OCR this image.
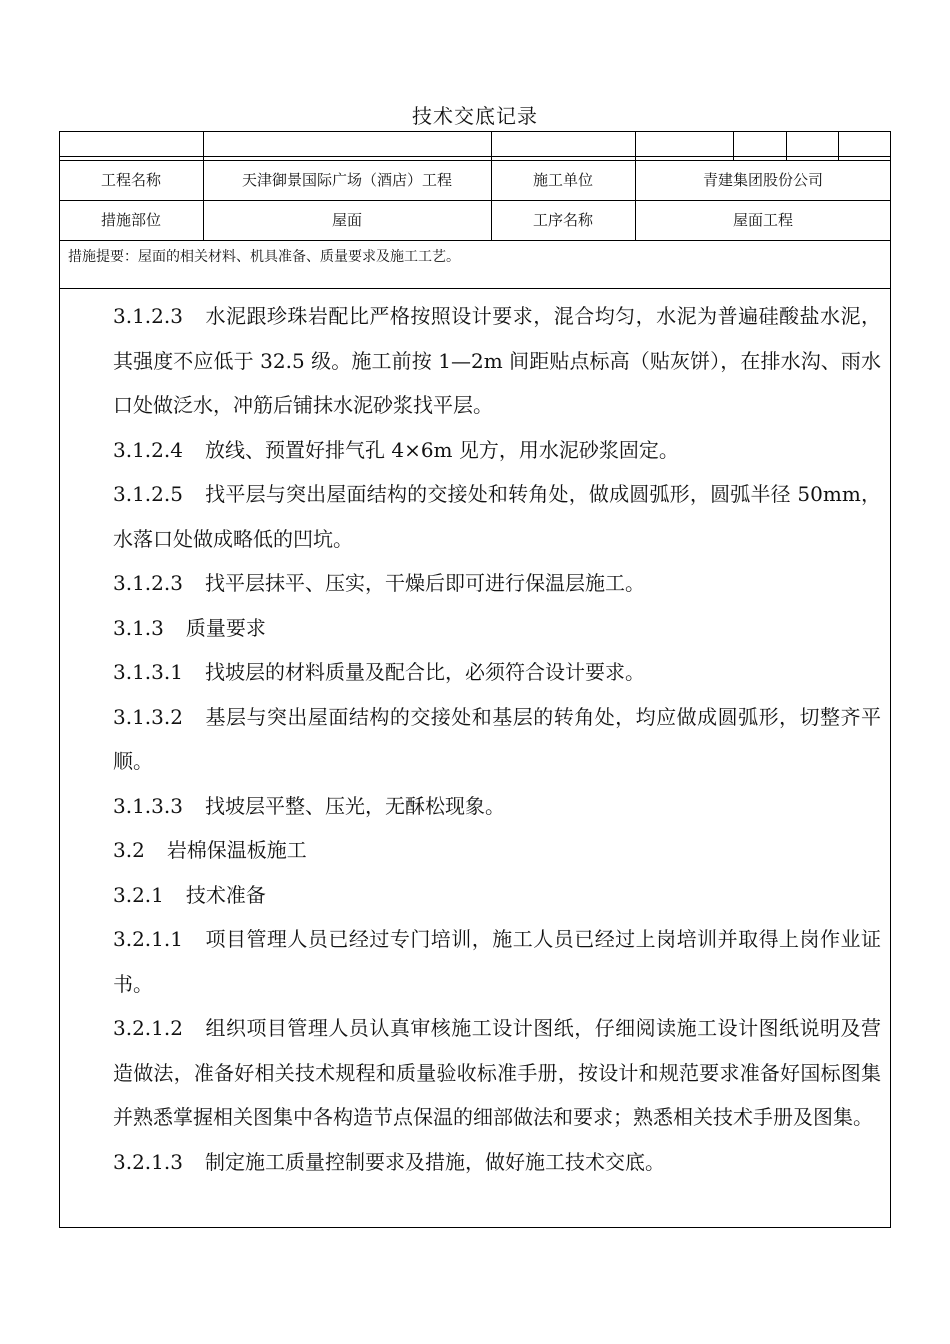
技术交底记录
工程名称	天津御景国际广场（酒店）工程	施工单位	青建集团股份公司
措施部位	屋面	工序名称	屋面工程
措施提要：屋面的相关材料、机具准备、质量要求及施工工艺。

3.1.2.3 水泥跟珍珠岩配比严格按照设计要求，混合均匀，水泥为普遍硅酸盐水泥，其强度不应低于 32.5 级。施工前按 1—2m 间距贴点标高（贴灰饼），在排水沟、雨水口处做泛水，冲筋后铺抹水泥砂浆找平层。

3.1.2.4 放线、预置好排气孔 4×6m 见方，用水泥砂浆固定。

3.1.2.5 找平层与突出屋面结构的交接处和转角处，做成圆弧形，圆弧半径 50mm，水落口处做成略低的凹坑。

3.1.2.3 找平层抹平、压实，干燥后即可进行保温层施工。

3.1.3 质量要求

3.1.3.1 找坡层的材料质量及配合比，必须符合设计要求。

3.1.3.2 基层与突出屋面结构的交接处和基层的转角处，均应做成圆弧形，切整齐平顺。

3.1.3.3 找坡层平整、压光，无酥松现象。

3.2 岩棉保温板施工

3.2.1 技术准备

3.2.1.1 项目管理人员已经过专门培训，施工人员已经过上岗培训并取得上岗作业证书。

3.2.1.2 组织项目管理人员认真审核施工设计图纸，仔细阅读施工设计图纸说明及营造做法，准备好相关技术规程和质量验收标准手册，按设计和规范要求准备好国标图集并熟悉掌握相关图集中各构造节点保温的细部做法和要求；熟悉相关技术手册及图集。

3.2.1.3 制定施工质量控制要求及措施，做好施工技术交底。
